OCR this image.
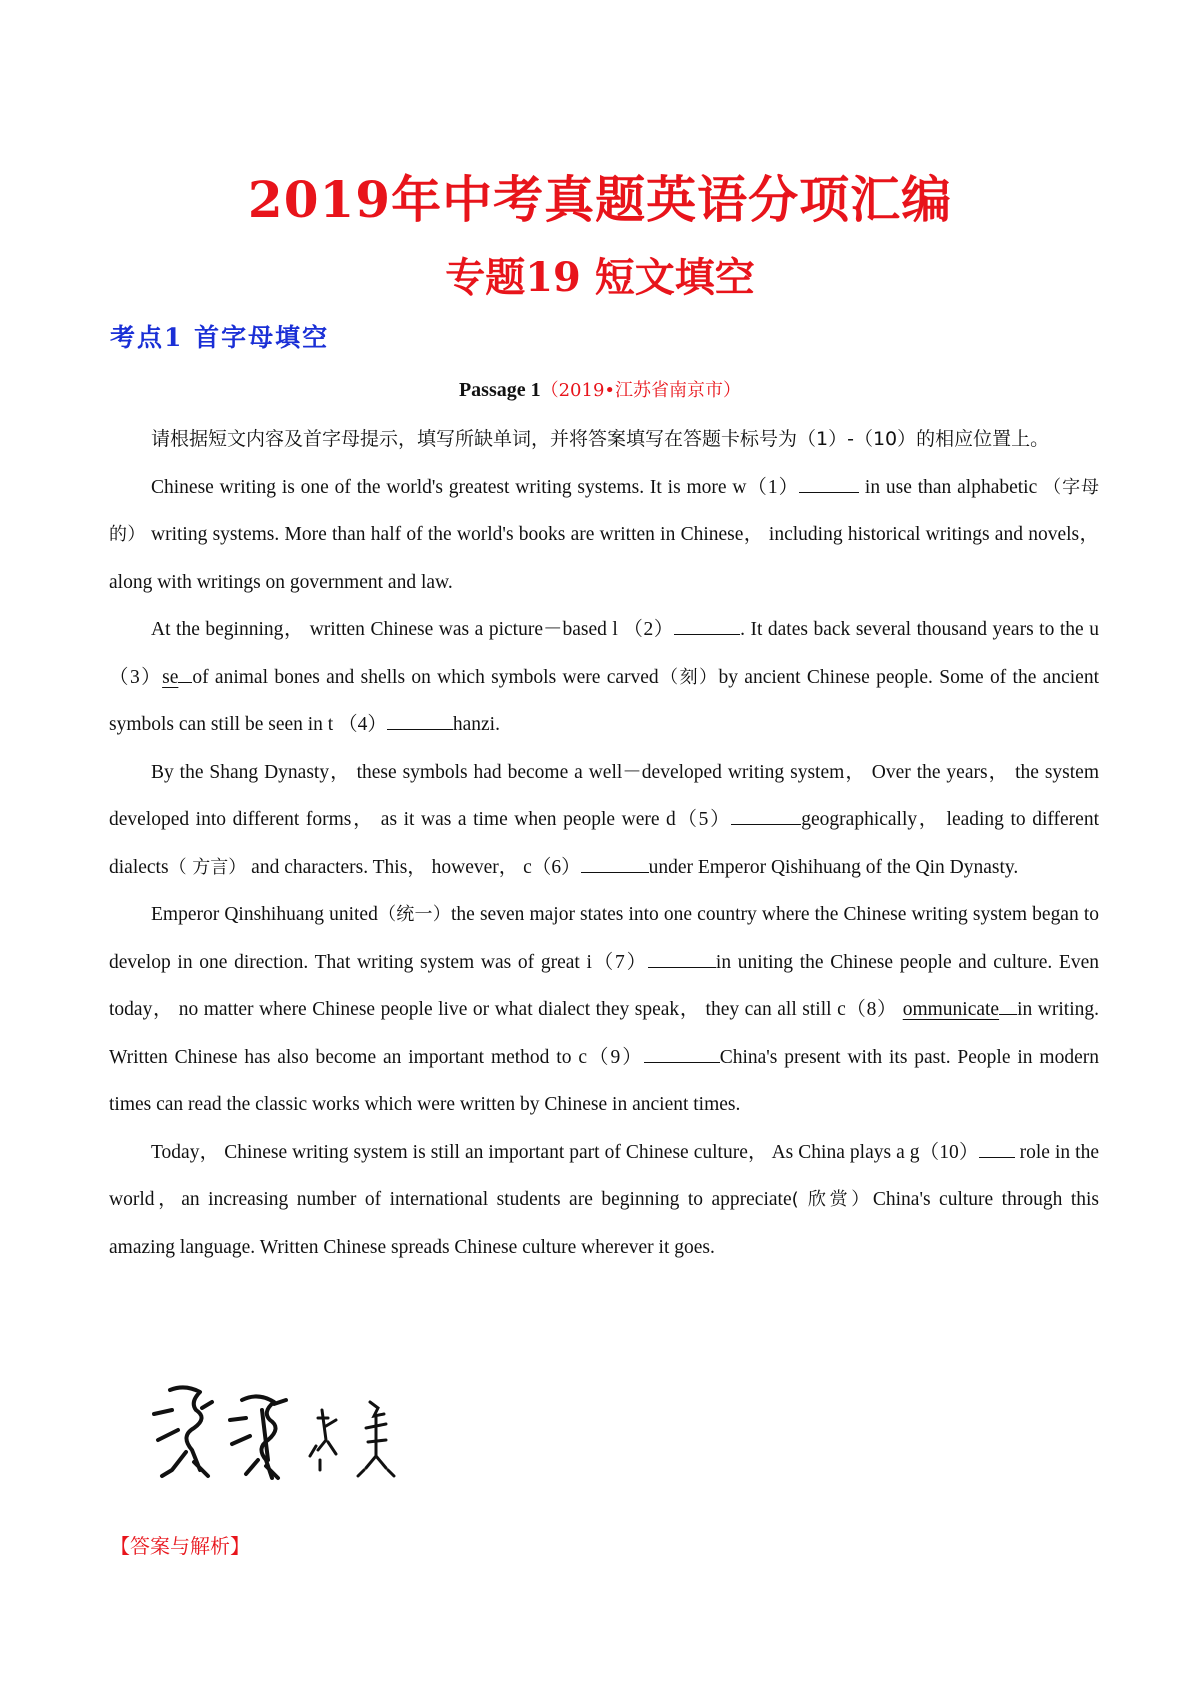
2019年中考真题英语分项汇编
专题19 短文填空
考点1 首字母填空
Passage 1（2019•江苏省南京市）

请根据短文内容及首字母提示，填写所缺单词，并将答案填写在答题卡标号为（1）-（10）的相应位置上。

Chinese writing is one of the world's greatest writing systems. It is more w（1）	in use than alphabetic （字母的） writing systems. More than half of the world's books are written in Chinese， including historical writings and novels， along with writings on government and law.

At the beginning， written Chinese was a picture－based l （2）	. It dates back several thousand years to the u（3）se of animal bones and shells on which symbols were carved（刻）by ancient Chinese people. Some of the ancient symbols can still be seen in t （4）	hanzi.

By the Shang Dynasty， these symbols had become a well－developed writing system， Over the years， the system developed into different forms， as it was a time when people were d（5）	geographically， leading to different dialects（ 方言） and characters. This， however， c（6）	under Emperor Qishihuang of the Qin Dynasty.

Emperor Qinshihuang united（统一）the seven major states into one country where the Chinese writing system began to develop in one direction. That writing system was of great i（7）	in uniting the Chinese people and culture. Even today， no matter where Chinese people live or what dialect they speak， they can all still c（8） ommunicate in writing. Written Chinese has also become an important method to c（9）	China's present with its past. People in modern times can read the classic works which were written by Chinese in ancient times.

Today， Chinese writing system is still an important part of Chinese culture， As China plays a g（10） role in the world，an increasing number of international students are beginning to appreciate( 欣赏）China's culture through this amazing language. Written Chinese spreads Chinese culture wherever it goes.

【答案与解析】
